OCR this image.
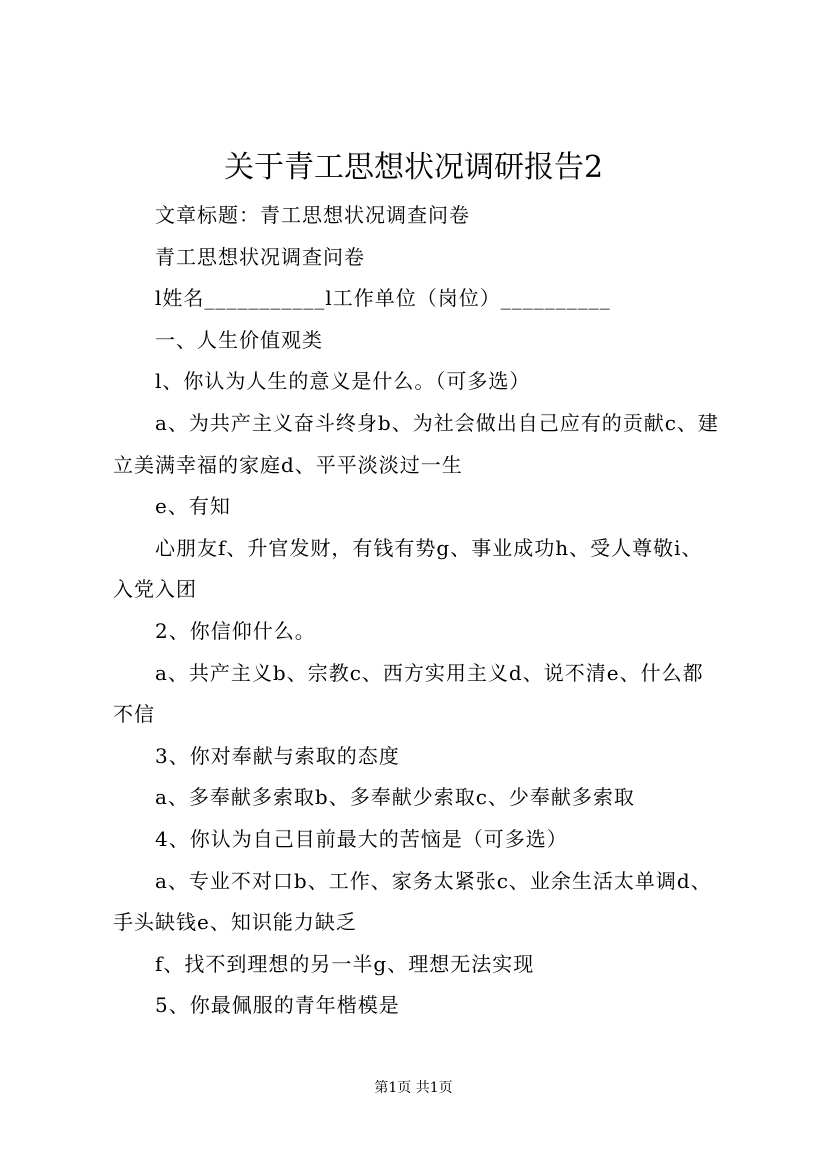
关于青工思想状况调研报告2

文章标题：青工思想状况调查问卷

青工思想状况调查问卷

l姓名___________l工作单位（岗位）__________

一、人生价值观类

l、你认为人生的意义是什么。（可多选）

a、为共产主义奋斗终身b、为社会做出自己应有的贡献c、建立美满幸福的家庭d、平平淡淡过一生

e、有知

心朋友f、升官发财，有钱有势g、事业成功h、受人尊敬i、入党入团

2、你信仰什么。

a、共产主义b、宗教c、西方实用主义d、说不清e、什么都不信

3、你对奉献与索取的态度

a、多奉献多索取b、多奉献少索取c、少奉献多索取

4、你认为自己目前最大的苦恼是（可多选）

a、专业不对口b、工作、家务太紧张c、业余生活太单调d、手头缺钱e、知识能力缺乏

f、找不到理想的另一半g、理想无法实现

5、你最佩服的青年楷模是

第1页 共1页
